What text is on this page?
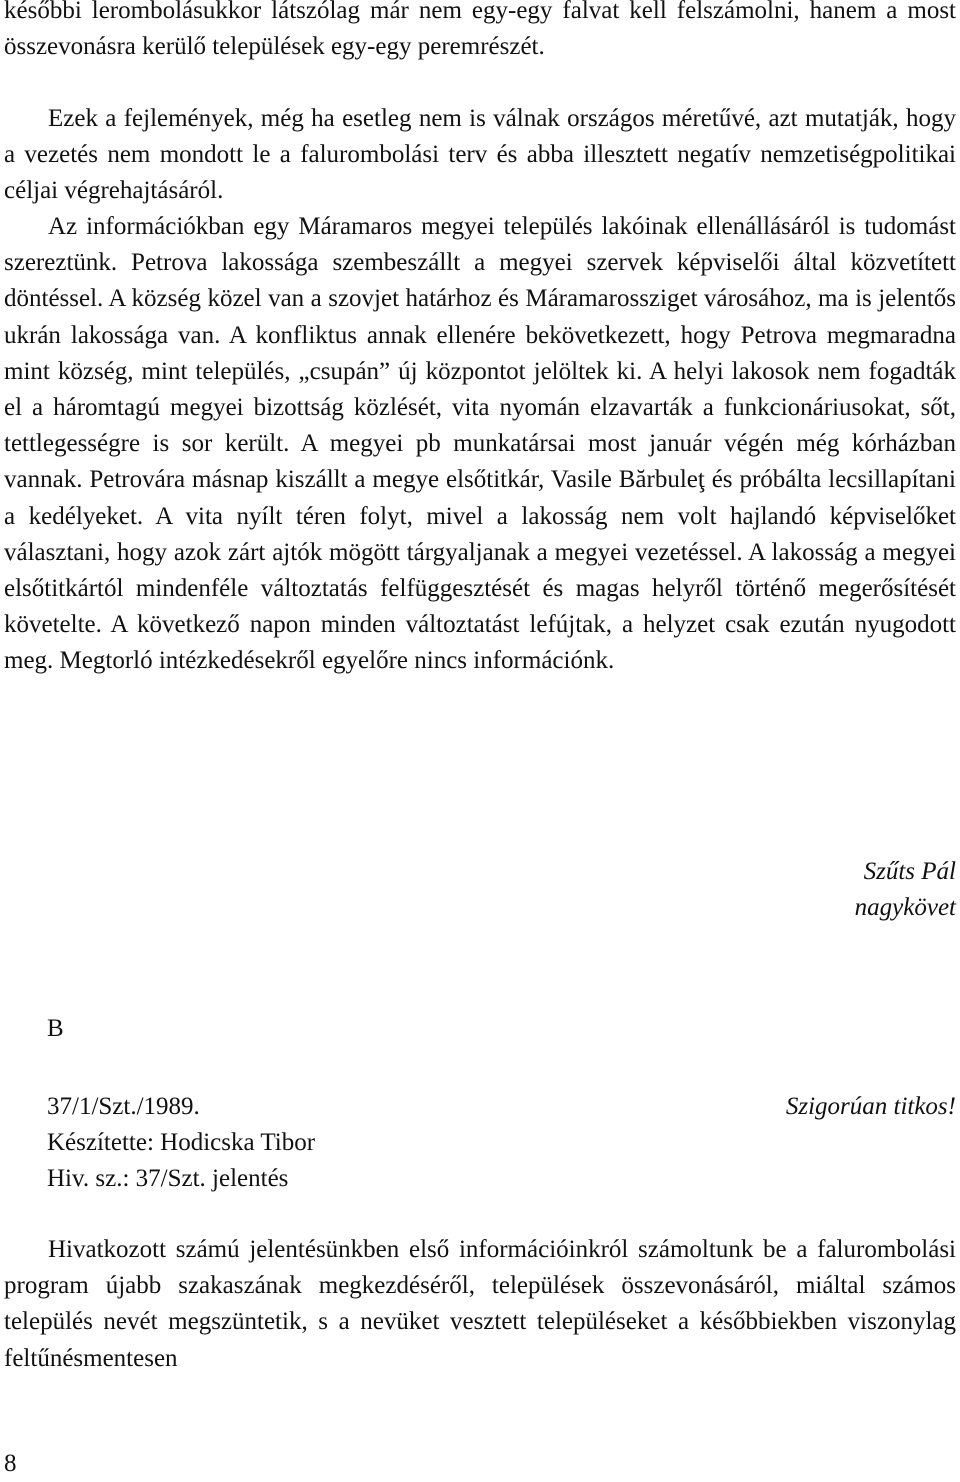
későbbi lerombolásukkor látszólag már nem egy-egy falvat kell felszámolni, hanem a most összevonásra kerülő települések egy-egy peremrészét.

Ezek a fejlemények, még ha esetleg nem is válnak országos méretűvé, azt mutatják, hogy a vezetés nem mondott le a falurombolási terv és abba illesztett negatív nemzetiségpolitikai céljai végrehajtásáról.

Az információkban egy Máramaros megyei település lakóinak ellenállásáról is tudomást szereztünk. Petrova lakossága szembeszállt a megyei szervek képviselői által közvetített döntéssel. A község közel van a szovjet határhoz és Máramarossziget városához, ma is jelentős ukrán lakossága van. A konfliktus annak ellenére bekövetkezett, hogy Petrova megmaradna mint község, mint település, „csupán” új központot jelöltek ki. A helyi lakosok nem fogadták el a háromtagú megyei bizottság közlését, vita nyomán elzavarták a funkcionáriusokat, sőt, tettlegességre is sor került. A megyei pb munkatársai most január végén még kórházban vannak. Petrovára másnap kiszállt a megye elsőtitkár, Vasile Bărbuleţ és próbálta lecsillapítani a kedélyeket. A vita nyílt téren folyt, mivel a lakosság nem volt hajlandó képviselőket választani, hogy azok zárt ajtók mögött tárgyaljanak a megyei vezetéssel. A lakosság a megyei elsőtitkártól mindenféle változtatás felfüggesztését és magas helyről történő megerősítését követelte. A következő napon minden változtatást lefújtak, a helyzet csak ezután nyugodott meg. Megtorló intézkedésekről egyelőre nincs információnk.

Szűts Pál
nagykövet
B
37/1/Szt./1989.	Szigorúan titkos!
Készítette: Hodicska Tibor
Hiv. sz.: 37/Szt. jelentés

Hivatkozott számú jelentésünkben első információinkról számoltunk be a falurombolási program újabb szakaszának megkezdéséről, települések összevonásáról, miáltal számos település nevét megszüntetik, s a nevüket vesztett településeket a későbbiekben viszonylag feltűnésmentesen

8
